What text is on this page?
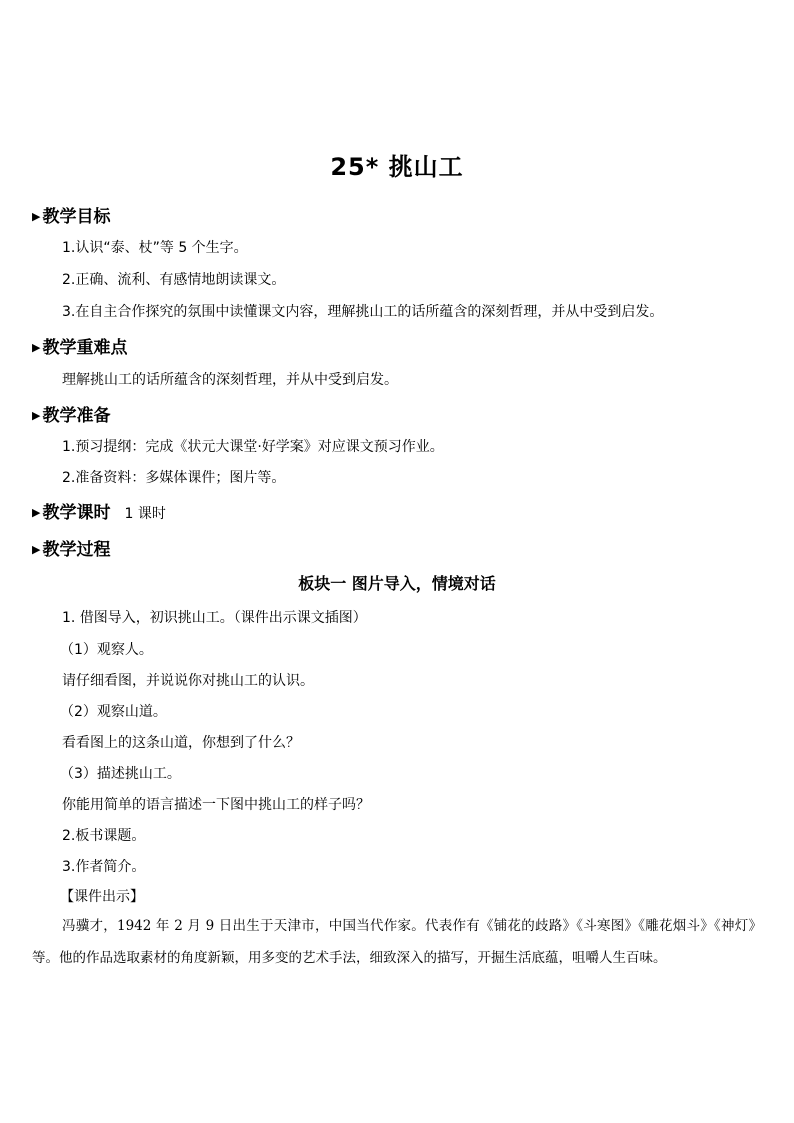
25* 挑山工
▶ 教学目标
1.认识“泰、杖”等 5 个生字。
2.正确、流利、有感情地朗读课文。
3.在自主合作探究的氛围中读懂课文内容，理解挑山工的话所蕴含的深刻哲理，并从中受到启发。
▶ 教学重难点
理解挑山工的话所蕴含的深刻哲理，并从中受到启发。
▶ 教学准备
1.预习提纲：完成《状元大课堂·好学案》对应课文预习作业。
2.准备资料：多媒体课件；图片等。
▶ 教学课时 1 课时
▶ 教学过程
板块一 图片导入，情境对话
1. 借图导入，初识挑山工。（课件出示课文插图）
（1）观察人。
请仔细看图，并说说你对挑山工的认识。
（2）观察山道。
看看图上的这条山道，你想到了什么？
（3）描述挑山工。
你能用简单的语言描述一下图中挑山工的样子吗？
2.板书课题。
3.作者简介。
【课件出示】
冯骥才，1942 年 2 月 9 日出生于天津市，中国当代作家。代表作有《铺花的歧路》《斗寒图》《雕花烟斗》《神灯》等。他的作品选取素材的角度新颖，用多变的艺术手法，细致深入的描写，开掘生活底蕴，咀嚼人生百味。
